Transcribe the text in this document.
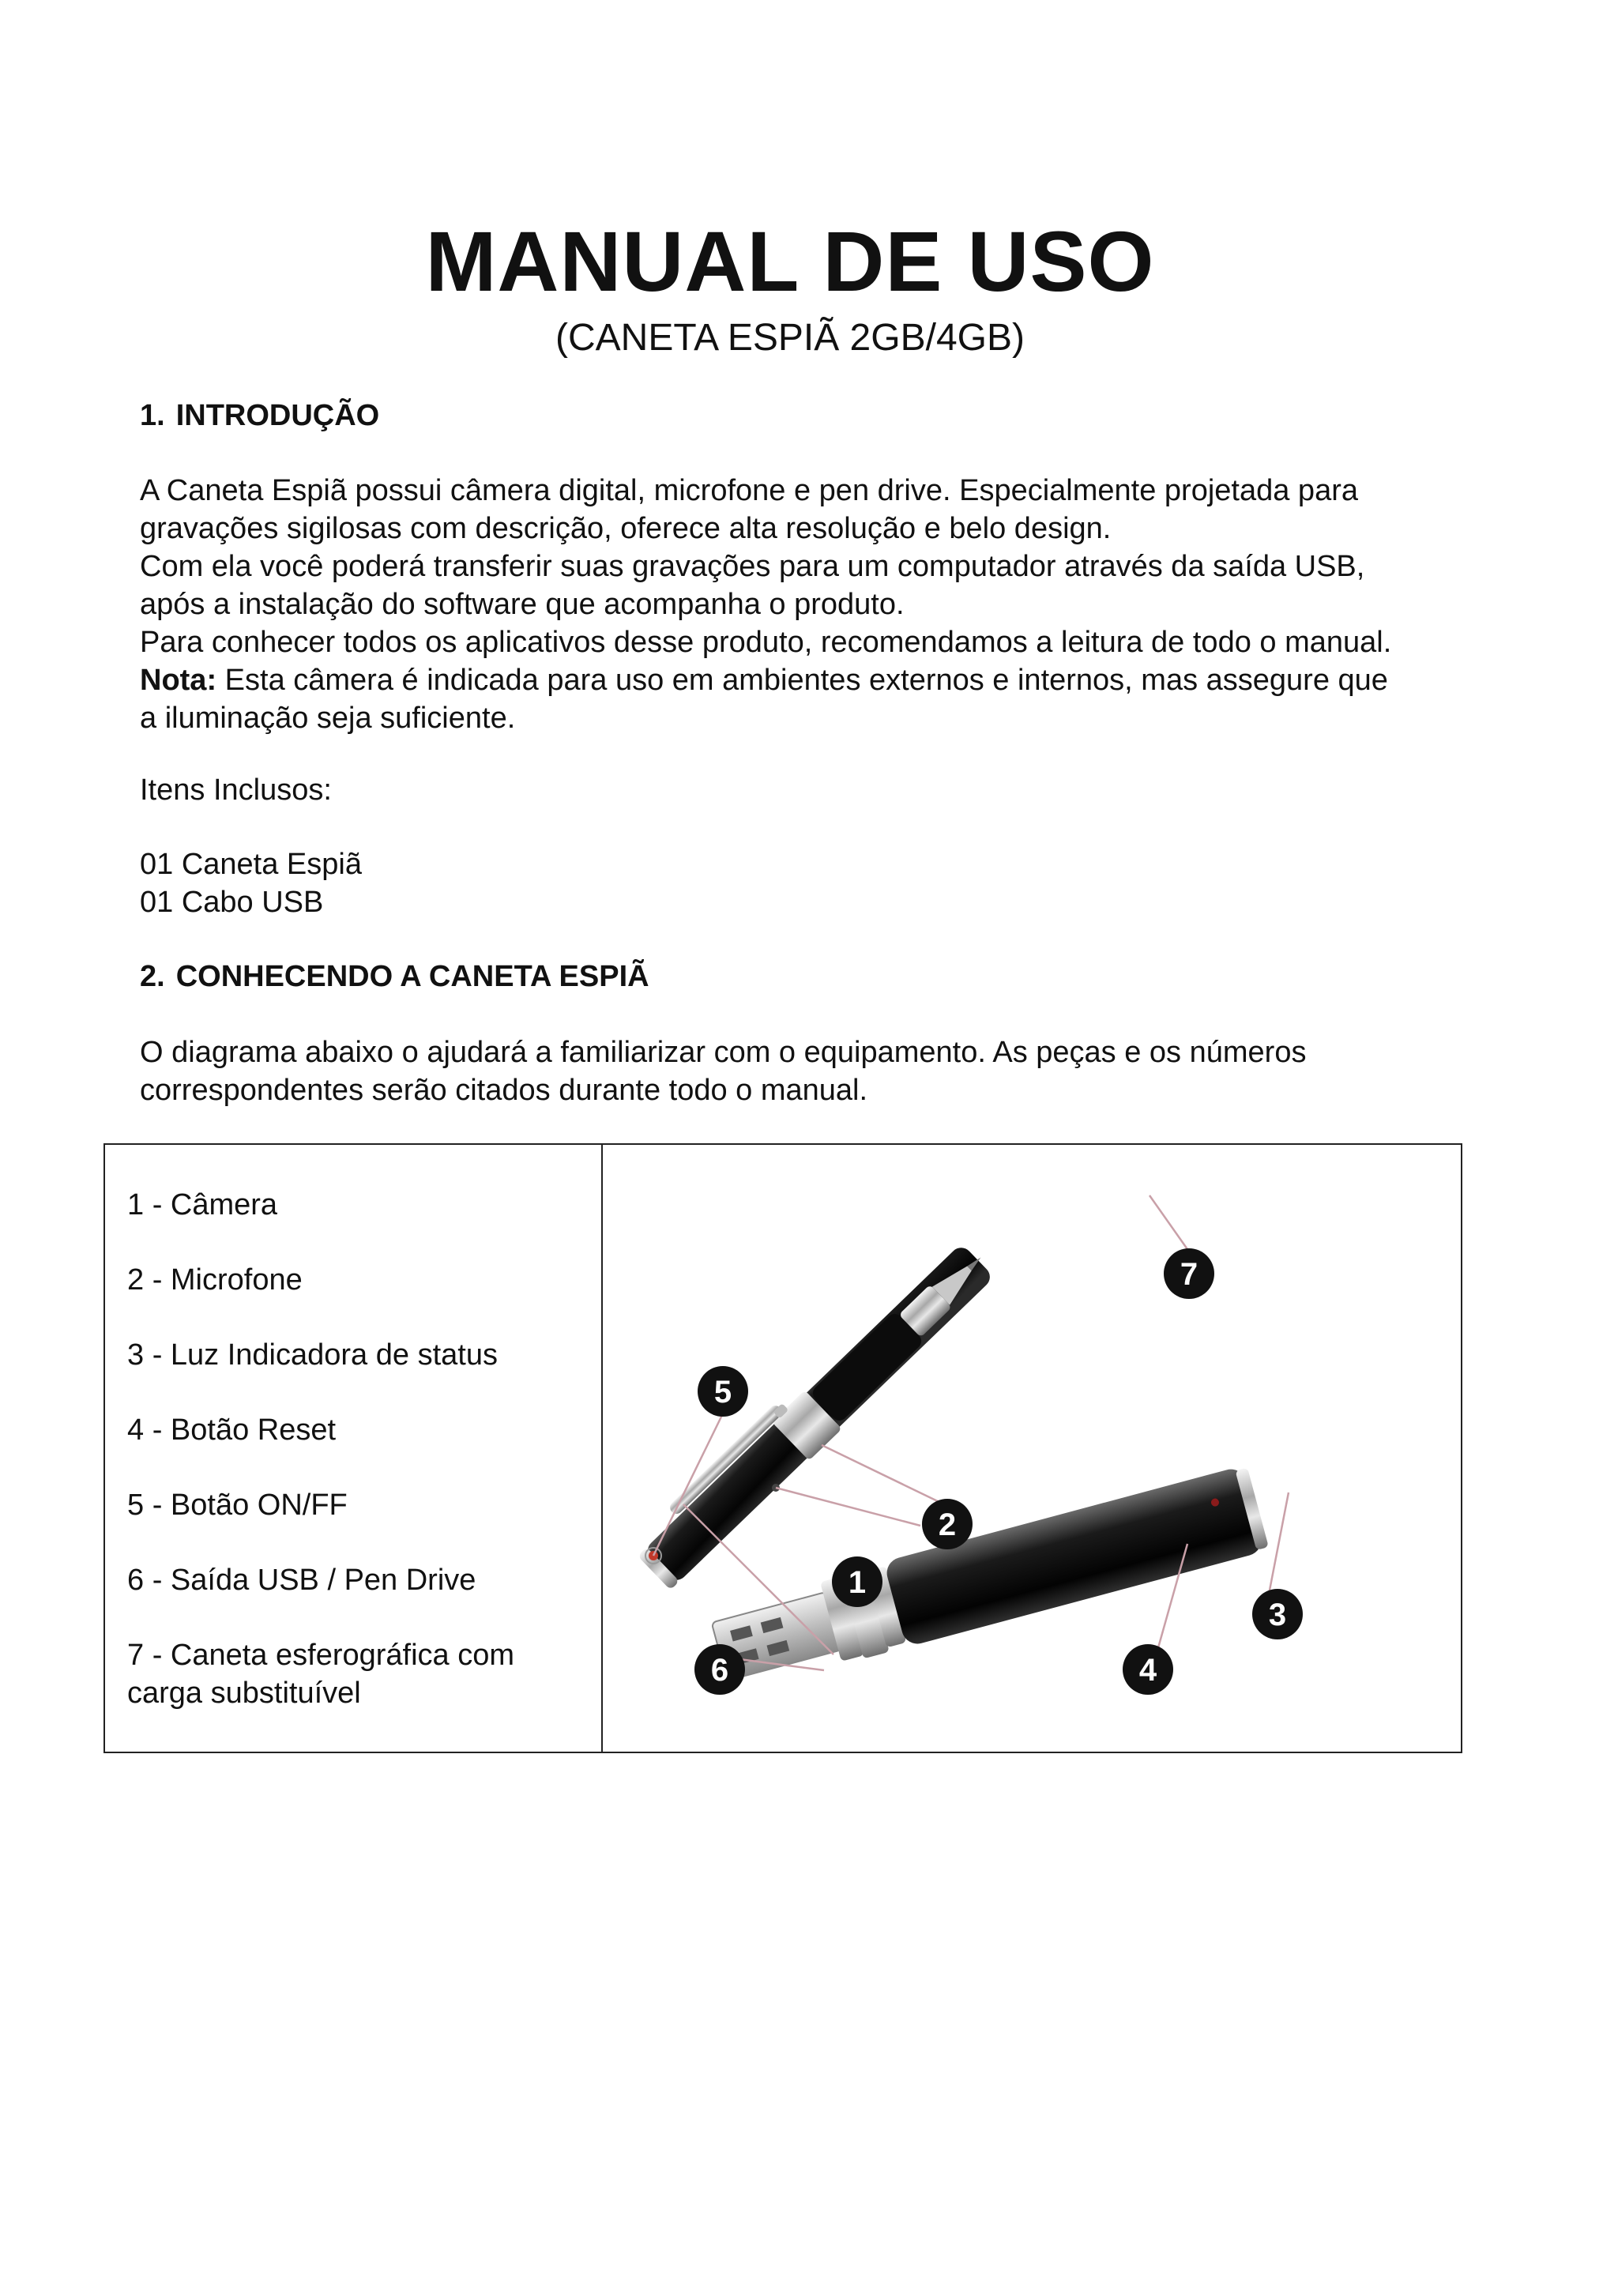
MANUAL DE USO
(CANETA ESPIÃ 2GB/4GB)
1. INTRODUÇÃO

A Caneta Espiã possui câmera digital, microfone e pen drive. Especialmente projetada para

gravações sigilosas com descrição, oferece alta resolução e belo design.

Com ela você poderá transferir suas gravações para um computador através da saída USB,

após a instalação do software que acompanha o produto.

Para conhecer todos os aplicativos desse produto, recomendamos a leitura de todo o manual.

Nota: Esta câmera é indicada para uso em ambientes externos e internos, mas assegure que

a iluminação seja suficiente.

Itens Inclusos:

01 Caneta Espiã

01 Cabo USB

2. CONHECENDO A CANETA ESPIÃ

O diagrama abaixo o ajudará a familiarizar com o equipamento. As peças e os números

correspondentes serão citados durante todo o manual.

1 - Câmera

2 - Microfone

3 - Luz Indicadora de status

4 - Botão Reset

5 - Botão ON/FF

6 - Saída USB / Pen Drive

7 - Caneta esferográfica com carga substituível

1
2
3
4
5
6
7
